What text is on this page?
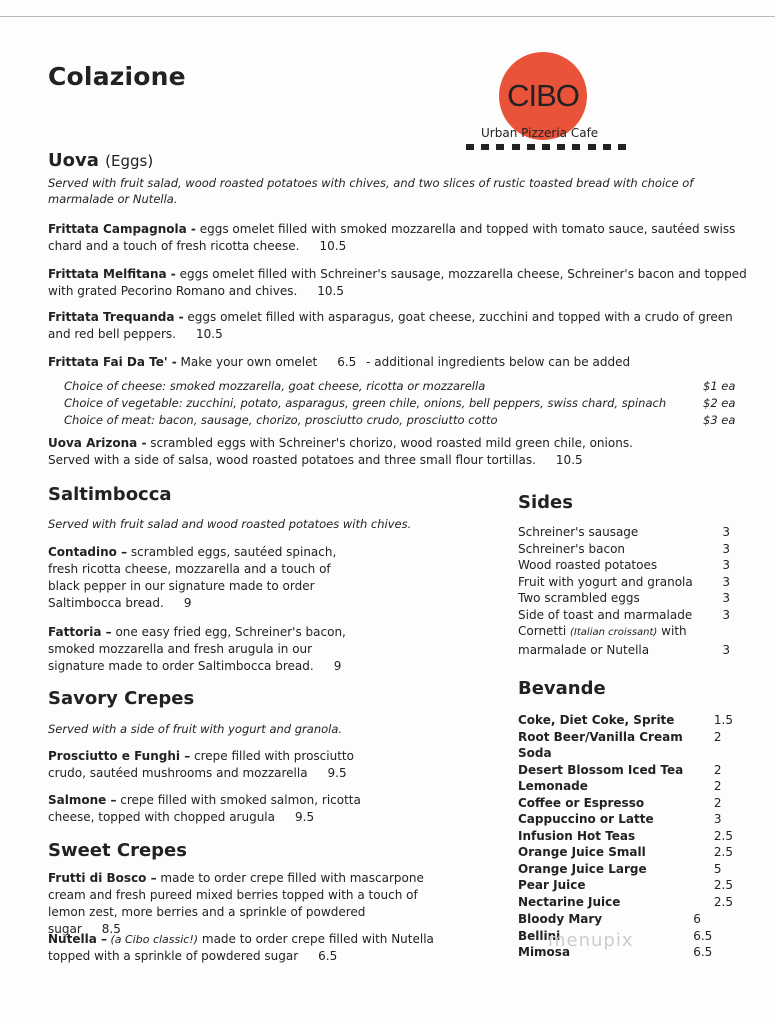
Colazione
CIBO
Urban Pizzeria Cafe
Uova (Eggs)
Served with fruit salad, wood roasted potatoes with chives, and two slices of rustic toasted bread with choice of marmalade or Nutella.
Frittata Campagnola - eggs omelet filled with smoked mozzarella and topped with tomato sauce, sautéed swiss chard and a touch of fresh ricotta cheese. 10.5
Frittata Melfitana - eggs omelet filled with Schreiner's sausage, mozzarella cheese, Schreiner's bacon and topped with grated Pecorino Romano and chives. 10.5
Frittata Trequanda - eggs omelet filled with asparagus, goat cheese, zucchini and topped with a crudo of green and red bell peppers. 10.5
Frittata Fai Da Te' - Make your own omelet 6.5 - additional ingredients below can be added
Choice of cheese: smoked mozzarella, goat cheese, ricotta or mozzarella	$1 ea
Choice of vegetable: zucchini, potato, asparagus, green chile, onions, bell peppers, swiss chard, spinach	$2 ea
Choice of meat: bacon, sausage, chorizo, prosciutto crudo, prosciutto cotto	$3 ea
Uova Arizona - scrambled eggs with Schreiner's chorizo, wood roasted mild green chile, onions. Served with a side of salsa, wood roasted potatoes and three small flour tortillas. 10.5
Saltimbocca
Served with fruit salad and wood roasted potatoes with chives.
Contadino – scrambled eggs, sautéed spinach, fresh ricotta cheese, mozzarella and a touch of black pepper in our signature made to order Saltimbocca bread. 9
Fattoria – one easy fried egg, Schreiner's bacon, smoked mozzarella and fresh arugula in our signature made to order Saltimbocca bread. 9
Savory Crepes
Served with a side of fruit with yogurt and granola.
Prosciutto e Funghi – crepe filled with prosciutto crudo, sautéed mushrooms and mozzarella 9.5
Salmone – crepe filled with smoked salmon, ricotta cheese, topped with chopped arugula 9.5
Sweet Crepes
Frutti di Bosco – made to order crepe filled with mascarpone cream and fresh pureed mixed berries topped with a touch of lemon zest, more berries and a sprinkle of powdered sugar 8.5
Nutella – (a Cibo classic!) made to order crepe filled with Nutella topped with a sprinkle of powdered sugar 6.5
Sides
Schreiner's sausage	3
Schreiner's bacon	3
Wood roasted potatoes	3
Fruit with yogurt and granola	3
Two scrambled eggs	3
Side of toast and marmalade	3
Cornetti (Italian croissant) with marmalade or Nutella	3
Bevande
Coke, Diet Coke, Sprite	1.5
Root Beer/Vanilla Cream Soda	2
Desert Blossom Iced Tea	2
Lemonade	2
Coffee or Espresso	2
Cappuccino or Latte	3
Infusion Hot Teas	2.5
Orange Juice Small	2.5
Orange Juice Large	5
Pear Juice	2.5
Nectarine Juice	2.5
Bloody Mary	6
Bellini	6.5
Mimosa	6.5
menupix
